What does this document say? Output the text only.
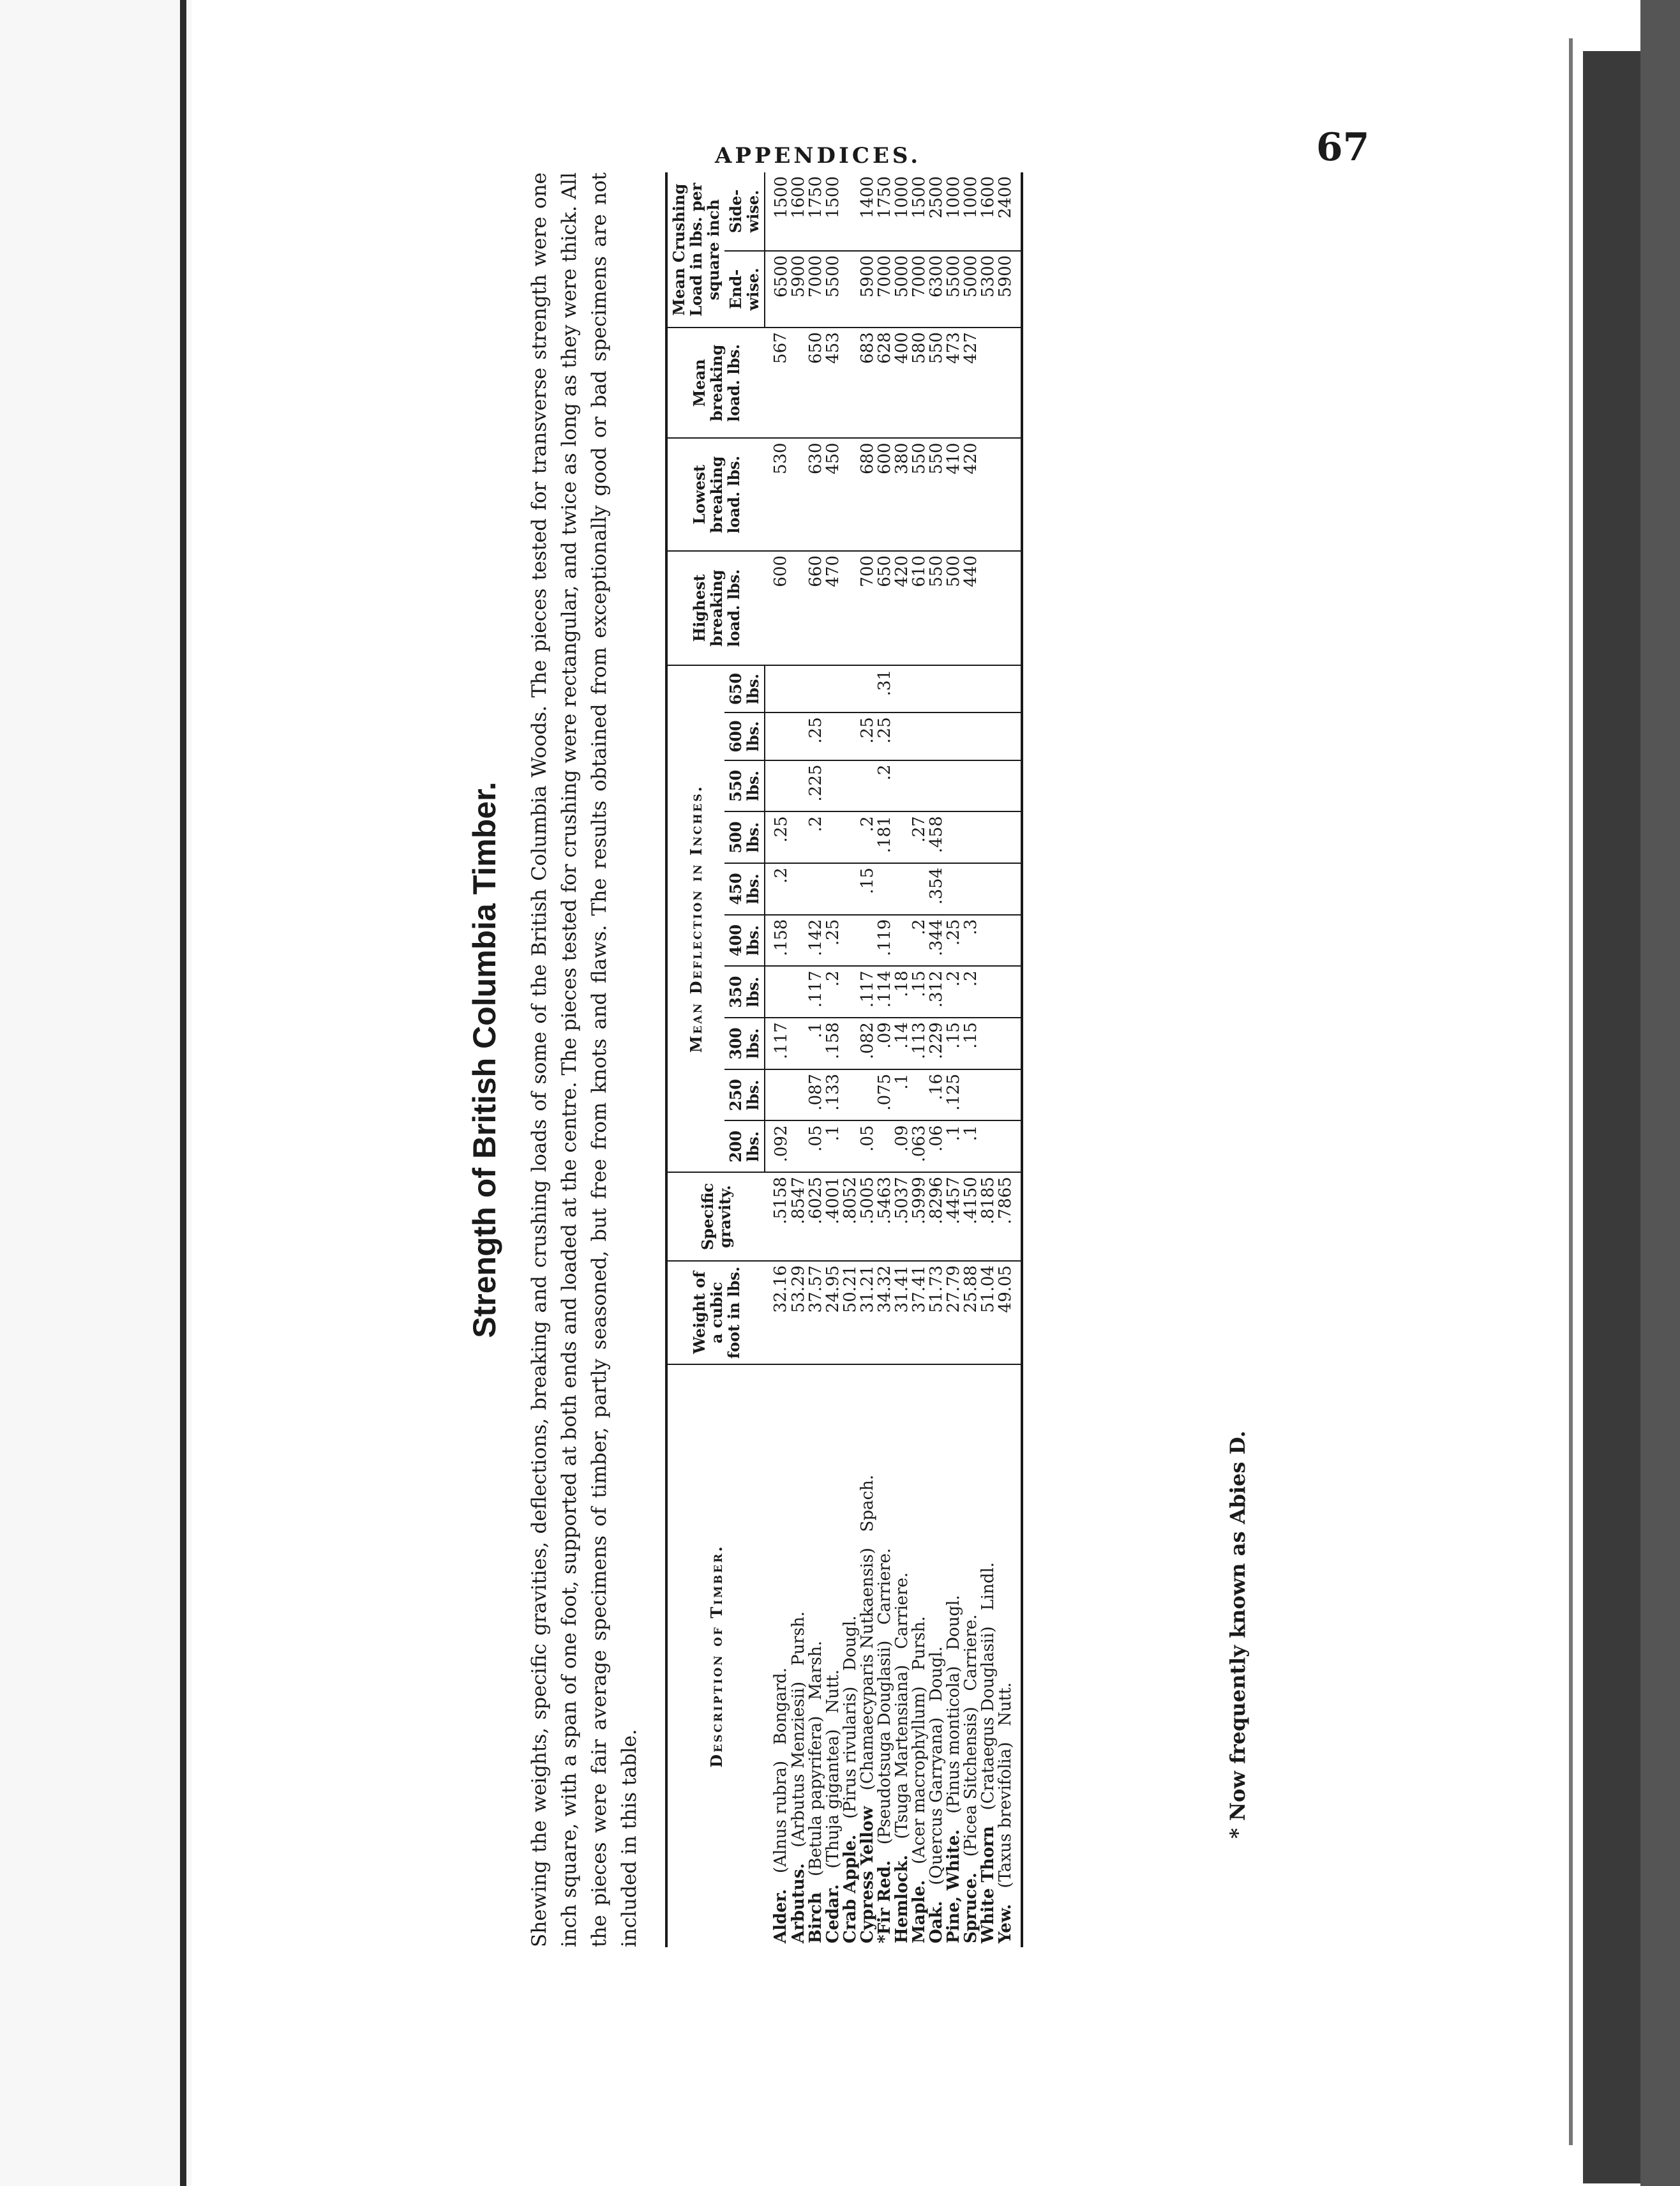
APPENDICES.	67
Strength of British Columbia Timber. Shewing the weights, specific gravities, deflections, breaking and crushing loads of some of the British Columbia Woods. The pieces tested for transverse strength were one inch square, with a span of one foot, supported at both ends and loaded at the centre. The pieces tested for crushing were rectangular, and twice as long as they were thick. All the pieces were fair average specimens of timber, partly seasoned, but free from knots and flaws. The results obtained from exceptionally good or bad specimens are not included in this table.

Description of Timber.	Weight of a cubic foot in lbs.	Specific gravity.	Mean Deflection in Inches.										Highest breaking load. lbs.	Lowest breaking load. lbs.	Mean breaking load. lbs.	Mean Crushing Load in lbs. per square inch	
			200 lbs.	250 lbs.	300 lbs.	350 lbs.	400 lbs.	450 lbs.	500 lbs.	550 lbs.	600 lbs.	650 lbs.				End-wise.	Side-wise.
Alder.   (Alnus rubra)   Bongard.	32.16	.5158	.092		.117		.158	.2	.25				600	530	567	6500	1500
Arbutus.   (Arbutus Menziesii)   Pursh.	53.29	.8547														5900	1600
Birch   (Betula papyrifera)   Marsh.	37.57	.6025	.05	.087	.1	.117	.142		.2	.225	.25		660	630	650	7000	1750
Cedar.   (Thuja gigantea)   Nutt.	24.95	.4001	.1	.133	.158	.2	.25						470	450	453	5500	1500
Crab Apple.   (Pirus rivularis)   Dougl.	50.21	.8052															
Cypress Yellow   (Chamaecyparis Nutkaensis)   Spach.	31.21	.5005	.05		.082	.117		.15	.2		.25		700	680	683	5900	1400
*Fir Red.   (Pseudotsuga Douglasii)   Carriere.	34.32	.5463		.075	.09	.114	.119		.181	.2	.25	.31	650	600	628	7000	1750
Hemlock.   (Tsuga Martensiana)   Carriere.	31.41	.5037	.09	.1	.14	.18							420	380	400	5000	1000
Maple.   (Acer macrophyllum)   Pursh.	37.41	.5999	.063		.113	.15	.2		.27				610	550	580	7000	1500
Oak.   (Quercus Garryana)   Dougl.	51.73	.8296	.06	.16	.229	.312	.344	.354	.458				550	550	550	6300	2500
Pine, White.   (Pinus monticola)   Dougl.	27.79	.4457	.1	.125	.15	.2	.25						500	410	473	5500	1000
Spruce.   (Picea Sitchensis)   Carriere.	25.88	.4150	.1		.15	.2	.3						440	420	427	5000	1000
White Thorn   (Crataegus Douglasii)   Lindl.	51.04	.8185														5300	1600
Yew.   (Taxus brevifolia)   Nutt.	49.05	.7865														5900	2400
* Now frequently known as Abies D.
